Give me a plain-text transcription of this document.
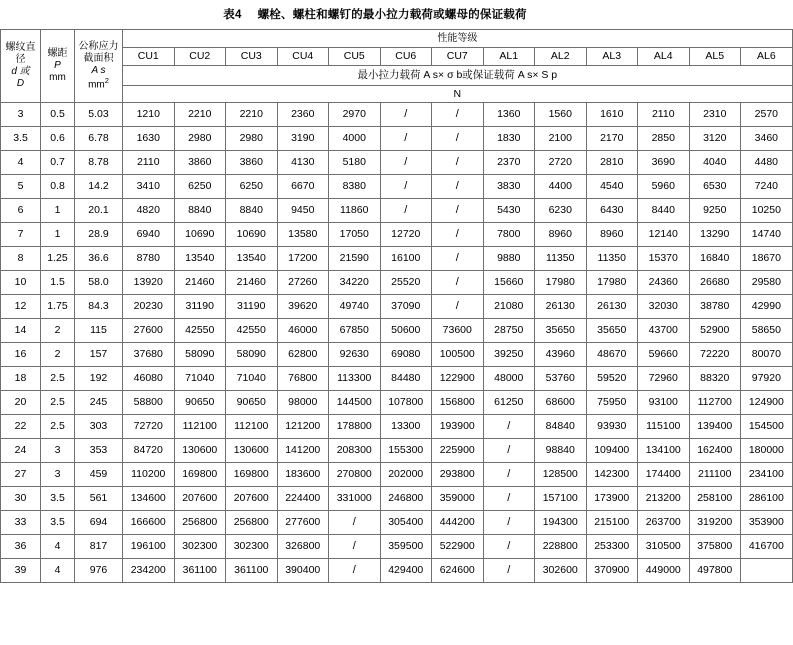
表4 螺栓、螺柱和螺钉的最小拉力载荷或螺母的保证载荷
螺纹直
径
d 或
D	螺距
P
mm	公称应力
截面积
A s
$mm^2$	性能等级												
			CU1	CU2	CU3	CU4	CU5	CU6	CU7	AL1	AL2	AL3	AL4	AL5	AL6
			最小拉力载荷 A s× σ b或保证载荷 A s× S p												
			N												
3	0.5	5.03	1210	2210	2210	2360	2970	/	/	1360	1560	1610	2110	2310	2570
3.5	0.6	6.78	1630	2980	2980	3190	4000	/	/	1830	2100	2170	2850	3120	3460
4	0.7	8.78	2110	3860	3860	4130	5180	/	/	2370	2720	2810	3690	4040	4480
5	0.8	14.2	3410	6250	6250	6670	8380	/	/	3830	4400	4540	5960	6530	7240
6	1	20.1	4820	8840	8840	9450	11860	/	/	5430	6230	6430	8440	9250	10250
7	1	28.9	6940	10690	10690	13580	17050	12720	/	7800	8960	8960	12140	13290	14740
8	1.25	36.6	8780	13540	13540	17200	21590	16100	/	9880	11350	11350	15370	16840	18670
10	1.5	58.0	13920	21460	21460	27260	34220	25520	/	15660	17980	17980	24360	26680	29580
12	1.75	84.3	20230	31190	31190	39620	49740	37090	/	21080	26130	26130	32030	38780	42990
14	2	115	27600	42550	42550	46000	67850	50600	73600	28750	35650	35650	43700	52900	58650
16	2	157	37680	58090	58090	62800	92630	69080	100500	39250	43960	48670	59660	72220	80070
18	2.5	192	46080	71040	71040	76800	113300	84480	122900	48000	53760	59520	72960	88320	97920
20	2.5	245	58800	90650	90650	98000	144500	107800	156800	61250	68600	75950	93100	112700	124900
22	2.5	303	72720	112100	112100	121200	178800	13300	193900	/	84840	93930	115100	139400	154500
24	3	353	84720	130600	130600	141200	208300	155300	225900	/	98840	109400	134100	162400	180000
27	3	459	110200	169800	169800	183600	270800	202000	293800	/	128500	142300	174400	211100	234100
30	3.5	561	134600	207600	207600	224400	331000	246800	359000	/	157100	173900	213200	258100	286100
33	3.5	694	166600	256800	256800	277600	/	305400	444200	/	194300	215100	263700	319200	353900
36	4	817	196100	302300	302300	326800	/	359500	522900	/	228800	253300	310500	375800	416700
39	4	976	234200	361100	361100	390400	/	429400	624600	/	302600	370900	449000	497800	
